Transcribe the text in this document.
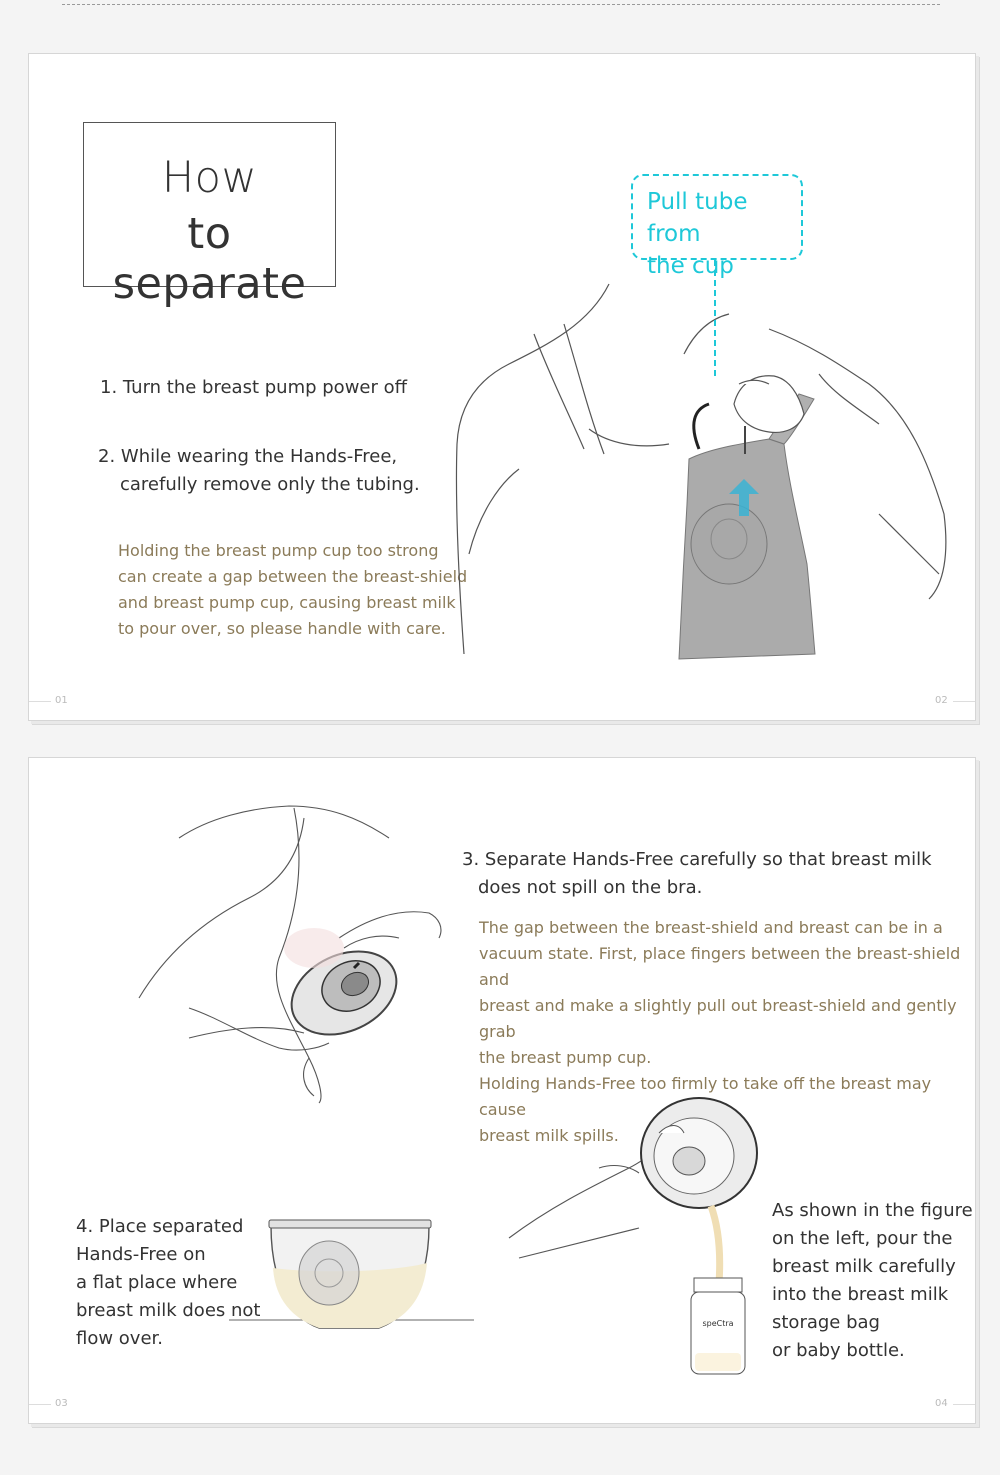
How
to separate
1. Turn the breast pump power off
2. While wearing the Hands-Free,
carefully remove only the tubing.
Holding the breast pump cup too strong
can create a gap between the breast-shield
and breast pump cup, causing breast milk
to pour over, so please handle with care.
Pull tube from
the cup
01	02
3. Separate Hands-Free carefully so that breast milk
does not spill on the bra.
The gap between the breast-shield and breast can be in a
vacuum state. First, place fingers between the breast-shield and
breast and make a slightly pull out breast-shield and gently grab
the breast pump cup.
Holding Hands-Free too firmly to take off the breast may cause
breast milk spills.
speCtra
4. Place separated
Hands-Free on
a flat place where
breast milk does not
flow over.
As shown in the figure
on the left, pour the
breast milk carefully
into the breast milk
storage bag
or baby bottle.
03	04
